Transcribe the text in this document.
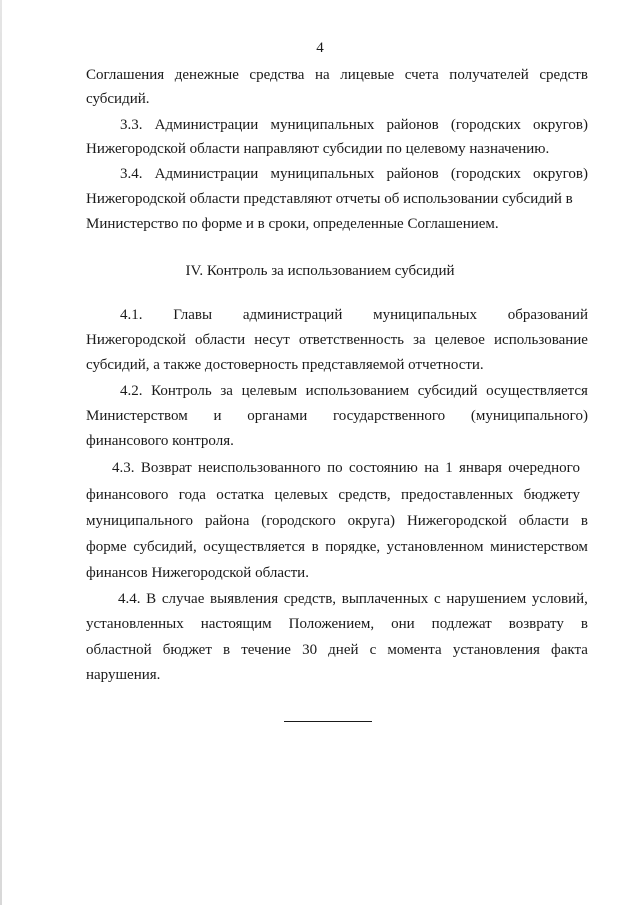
4
Соглашения денежные средства на лицевые счета получателей средств
субсидий.
3.3. Администрации муниципальных районов (городских округов)
Нижегородской области направляют субсидии по целевому назначению.
3.4. Администрации муниципальных районов (городских округов)
Нижегородской области представляют отчеты об использовании субсидий в
Министерство по форме и в сроки, определенные Соглашением.
IV. Контроль за использованием субсидий
4.1. Главы администраций муниципальных образований
Нижегородской области несут ответственность за целевое использование
субсидий, а также достоверность представляемой отчетности.
4.2. Контроль за целевым использованием субсидий осуществляется
Министерством и органами государственного (муниципального)
финансового контроля.
4.3. Возврат неиспользованного по состоянию на 1 января очередного
финансового года остатка целевых средств, предоставленных бюджету
муниципального района (городского округа) Нижегородской области в
форме субсидий, осуществляется в порядке, установленном министерством
финансов Нижегородской области.
4.4. В случае выявления средств, выплаченных с нарушением условий,
установленных настоящим Положением, они подлежат возврату в
областной бюджет в течение 30 дней с момента установления факта
нарушения.
